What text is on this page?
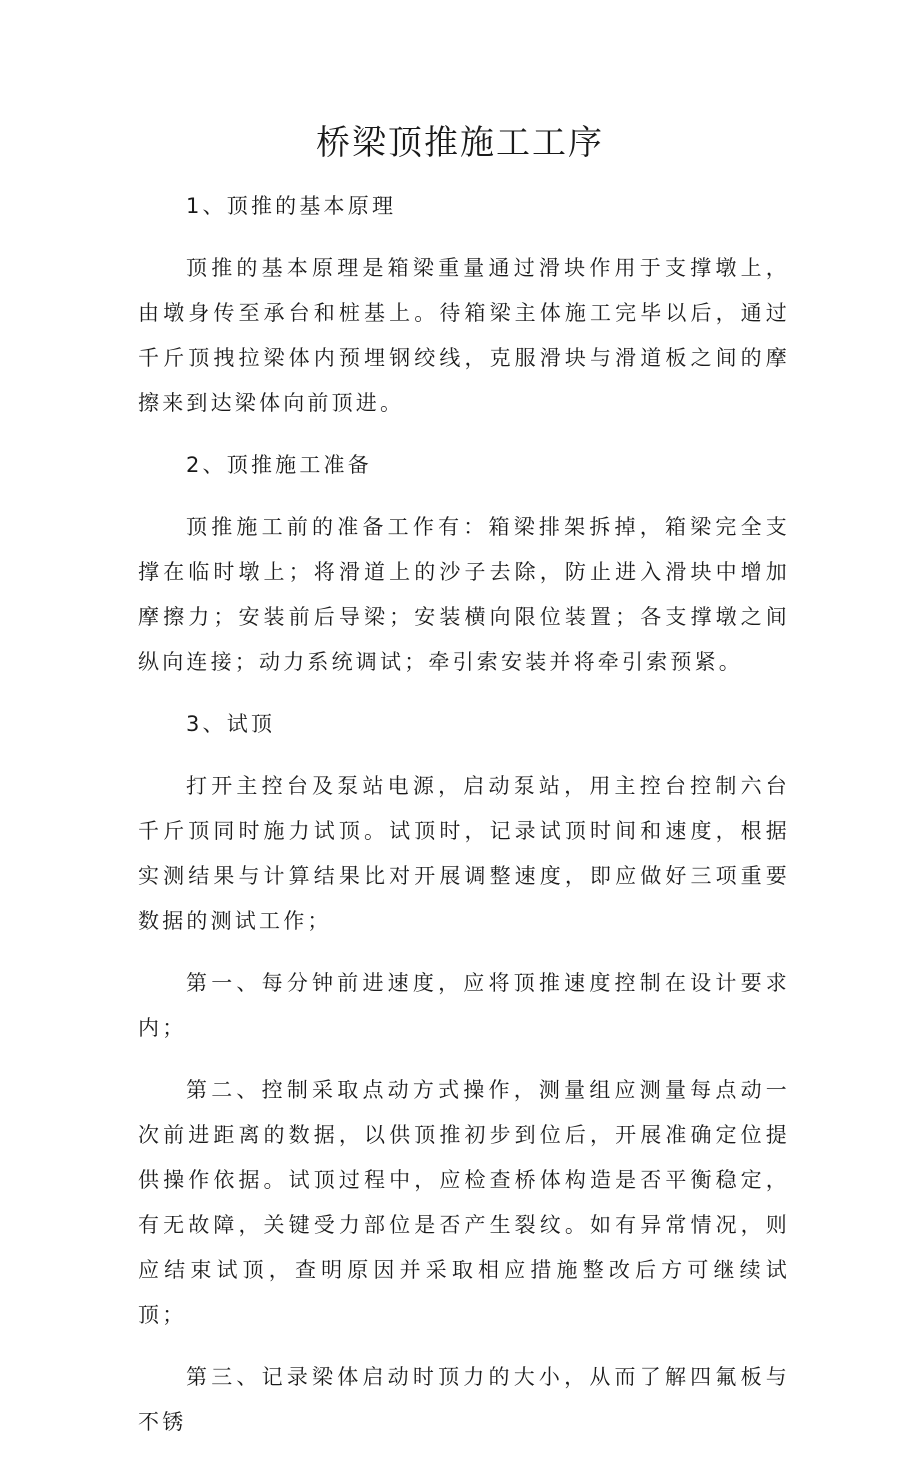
桥梁顶推施工工序

1、顶推的基本原理

顶推的基本原理是箱梁重量通过滑块作用于支撑墩上，由墩身传至承台和桩基上。待箱梁主体施工完毕以后，通过千斤顶拽拉梁体内预埋钢绞线，克服滑块与滑道板之间的摩擦来到达梁体向前顶进。

2、顶推施工准备

顶推施工前的准备工作有：箱梁排架拆掉，箱梁完全支撑在临时墩上；将滑道上的沙子去除，防止进入滑块中增加摩擦力；安装前后导梁；安装横向限位装置；各支撑墩之间纵向连接；动力系统调试；牵引索安装并将牵引索预紧。

3、试顶

打开主控台及泵站电源，启动泵站，用主控台控制六台千斤顶同时施力试顶。试顶时，记录试顶时间和速度，根据实测结果与计算结果比对开展调整速度，即应做好三项重要数据的测试工作；

第一、每分钟前进速度，应将顶推速度控制在设计要求内；

第二、控制采取点动方式操作，测量组应测量每点动一次前进距离的数据，以供顶推初步到位后，开展准确定位提供操作依据。试顶过程中，应检查桥体构造是否平衡稳定，有无故障，关键受力部位是否产生裂纹。如有异常情况，则应结束试顶，查明原因并采取相应措施整改后方可继续试顶；

第三、记录梁体启动时顶力的大小，从而了解四氟板与不锈
